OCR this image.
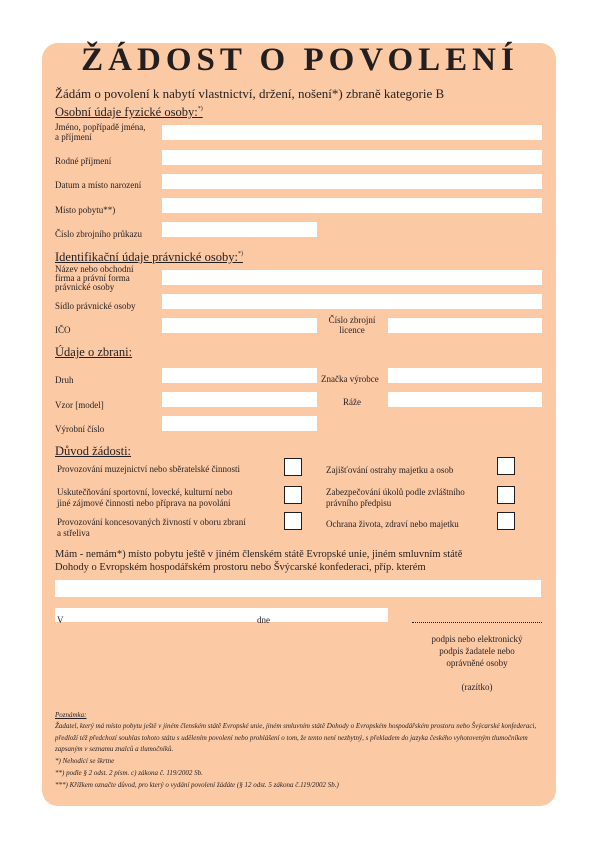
ŽÁDOST O POVOLENÍ
Žádám o povolení k nabytí vlastnictví, držení, nošení*) zbraně kategorie B
Osobní údaje fyzické osoby:*)
Jméno, popřípadě jména,
a příjmení
Rodné příjmení
Datum a místo narození
Místo pobytu**)
Číslo zbrojního průkazu
Identifikační údaje právnické osoby:*)
Název nebo obchodní
firma a právní forma
právnické osoby
Sídlo právnické osoby
IČO
Číslo zbrojní
licence
Údaje o zbrani:
Druh	Značka výrobce
Vzor [model]	Ráže
Výrobní číslo
Důvod žádosti:
Provozování muzejnictví nebo sběratelské činnosti
Uskutečňování sportovní, lovecké, kulturní nebo
jiné zájmové činnosti nebo příprava na povolání
Provozování koncesovaných živností v oboru zbraní
a střeliva
Zajišťování ostrahy majetku a osob
Zabezpečování úkolů podle zvláštního
právního předpisu
Ochrana života, zdraví nebo majetku
Mám - nemám*) místo pobytu ještě v jiném členském státě Evropské unie, jiném smluvním státě
Dohody o Evropském hospodářském prostoru nebo Švýcarské konfederaci, příp. kterém
V	dne
podpis nebo elektronický
podpis žadatele nebo
oprávněné osoby
(razítko)
Poznámka:
Žadatel, který má místo pobytu ještě v jiném členském státě Evropské unie, jiném smluvním státě Dohody o Evropském hospodářském prostoru nebo Švýcarské konfederaci, předloží též předchozí souhlas tohoto státu s udělením povolení nebo prohlášení o tom, že tento není nezbytný, s překladem do jazyka českého vyhotoveným tlumočníkem zapsaným v seznamu znalců a tlumočníků.
*) Nehodící se škrtne
**) podle § 2 odst. 2 písm. c) zákona č. 119/2002 Sb.
***) Křížkem označte důvod, pro který o vydání povolení žádáte (§ 12 odst. 5 zákona č.119/2002 Sb.)
